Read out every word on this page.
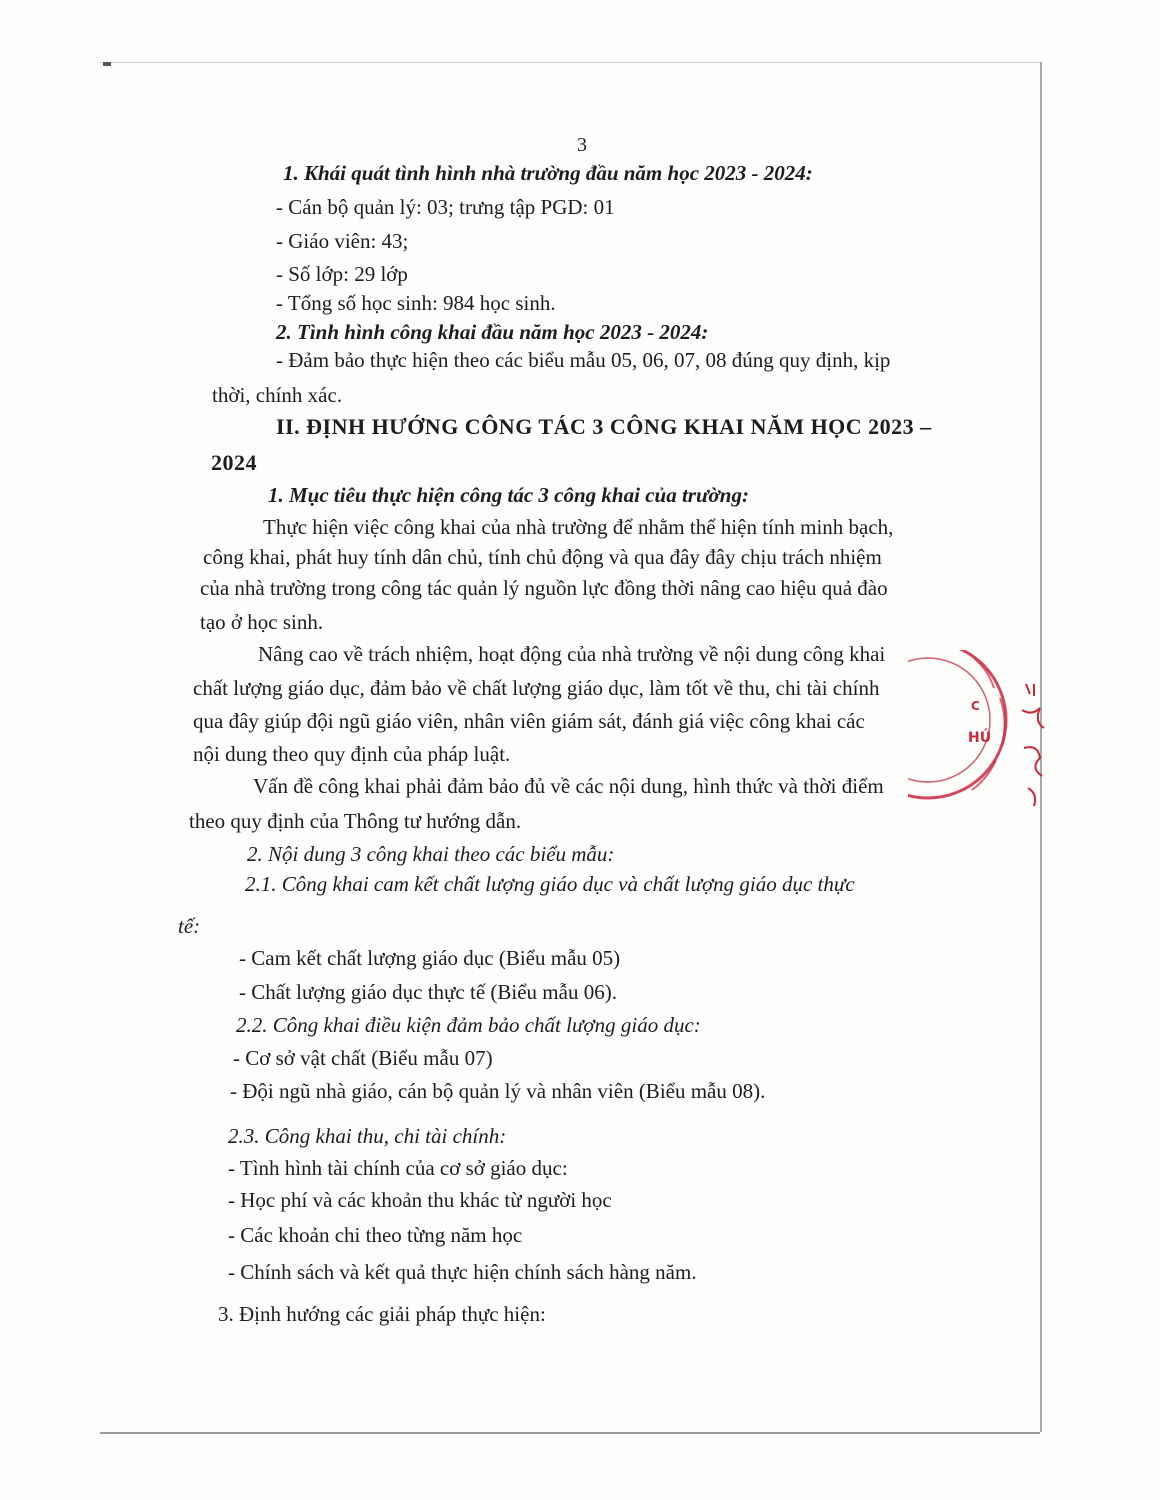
3
1. Khái quát tình hình nhà trường đầu năm học 2023 - 2024:
- Cán bộ quản lý: 03; trưng tập PGD: 01
- Giáo viên: 43;
- Số lớp: 29 lớp
- Tổng số học sinh: 984 học sinh.
2. Tình hình công khai đầu năm học 2023 - 2024:
- Đảm bảo thực hiện theo các biểu mẫu 05, 06, 07, 08 đúng quy định, kịp
thời, chính xác.
II. ĐỊNH HƯỚNG CÔNG TÁC 3 CÔNG KHAI NĂM HỌC 2023 –
2024
1. Mục tiêu thực hiện công tác 3 công khai của trường:
Thực hiện việc công khai của nhà trường để nhằm thể hiện tính minh bạch,
công khai, phát huy tính dân chủ, tính chủ động và qua đây đây chịu trách nhiệm
của nhà trường trong công tác quản lý nguồn lực đồng thời nâng cao hiệu quả đào
tạo ở học sinh.
Nâng cao về trách nhiệm, hoạt động của nhà trường về nội dung công khai
chất lượng giáo dục, đảm bảo về chất lượng giáo dục, làm tốt về thu, chi tài chính
qua đây giúp đội ngũ giáo viên, nhân viên giám sát, đánh giá việc công khai các
nội dung theo quy định của pháp luật.
Vấn đề công khai phải đảm bảo đủ về các nội dung, hình thức và thời điểm
theo quy định của Thông tư hướng dẫn.
2. Nội dung 3 công khai theo các biểu mẫu:
2.1. Công khai cam kết chất lượng giáo dục và chất lượng giáo dục thực
tế:
- Cam kết chất lượng giáo dục (Biểu mẫu 05)
- Chất lượng giáo dục thực tế (Biểu mẫu 06).
2.2. Công khai điều kiện đảm bảo chất lượng giáo dục:
- Cơ sở vật chất (Biểu mẫu 07)
- Đội ngũ nhà giáo, cán bộ quản lý và nhân viên (Biểu mẫu 08).
2.3. Công khai thu, chi tài chính:
- Tình hình tài chính của cơ sở giáo dục:
- Học phí và các khoản thu khác từ người học
- Các khoản chi theo từng năm học
- Chính sách và kết quả thực hiện chính sách hàng năm.
3. Định hướng các giải pháp thực hiện:
C
HÚ
